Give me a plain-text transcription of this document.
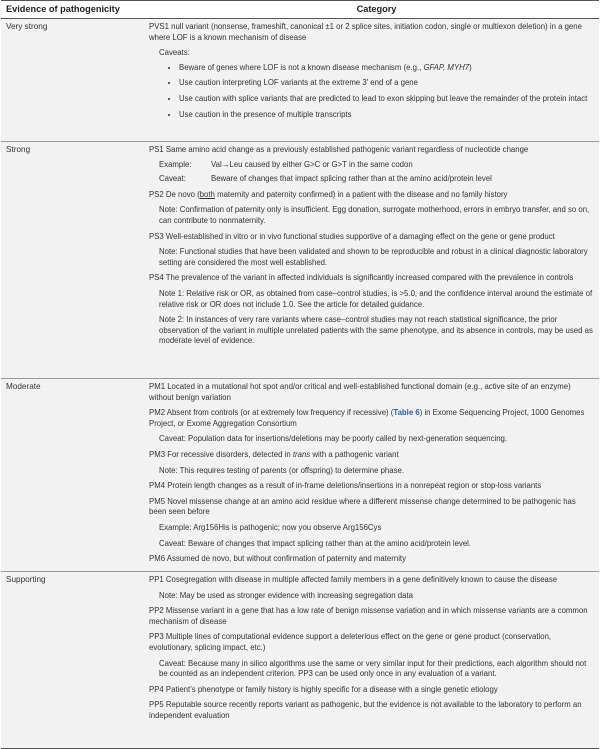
Evidence of pathogenicity	Category
Very strong	PVS1 null variant (nonsense, frameshift, canonical ±1 or 2 splice sites, initiation codon, single or multiexon deletion) in a gene where LOF is a known mechanism of disease
Caveats:
• Beware of genes where LOF is not a known disease mechanism (e.g., GFAP, MYH7)
• Use caution interpreting LOF variants at the extreme 3′ end of a gene
• Use caution with splice variants that are predicted to lead to exon skipping but leave the remainder of the protein intact
• Use caution in the presence of multiple transcripts
Strong	PS1 Same amino acid change as a previously established pathogenic variant regardless of nucleotide change
Example:	Val→Leu caused by either G>C or G>T in the same codon
Caveat:	Beware of changes that impact splicing rather than at the amino acid/protein level
PS2 De novo (both maternity and paternity confirmed) in a patient with the disease and no family history
Note: Confirmation of paternity only is insufficient. Egg donation, surrogate motherhood, errors in embryo transfer, and so on, can contribute to nonmaternity.
PS3 Well-established in vitro or in vivo functional studies supportive of a damaging effect on the gene or gene product
Note: Functional studies that have been validated and shown to be reproducible and robust in a clinical diagnostic laboratory setting are considered the most well established.
PS4 The prevalence of the variant in affected individuals is significantly increased compared with the prevalence in controls
Note 1: Relative risk or OR, as obtained from case–control studies, is >5.0, and the confidence interval around the estimate of relative risk or OR does not include 1.0. See the article for detailed guidance.
Note 2: In instances of very rare variants where case–control studies may not reach statistical significance, the prior observation of the variant in multiple unrelated patients with the same phenotype, and its absence in controls, may be used as moderate level of evidence.
Moderate	PM1 Located in a mutational hot spot and/or critical and well-established functional domain (e.g., active site of an enzyme) without benign variation
PM2 Absent from controls (or at extremely low frequency if recessive) (Table 6) in Exome Sequencing Project, 1000 Genomes Project, or Exome Aggregation Consortium
Caveat: Population data for insertions/deletions may be poorly called by next-generation sequencing.
PM3 For recessive disorders, detected in trans with a pathogenic variant
Note: This requires testing of parents (or offspring) to determine phase.
PM4 Protein length changes as a result of in-frame deletions/insertions in a nonrepeat region or stop-loss variants
PM5 Novel missense change at an amino acid residue where a different missense change determined to be pathogenic has been seen before
Example: Arg156His is pathogenic; now you observe Arg156Cys
Caveat: Beware of changes that impact splicing rather than at the amino acid/protein level.
PM6 Assumed de novo, but without confirmation of paternity and maternity
Supporting	PP1 Cosegregation with disease in multiple affected family members in a gene definitively known to cause the disease
Note: May be used as stronger evidence with increasing segregation data
PP2 Missense variant in a gene that has a low rate of benign missense variation and in which missense variants are a common mechanism of disease
PP3 Multiple lines of computational evidence support a deleterious effect on the gene or gene product (conservation, evolutionary, splicing impact, etc.)
Caveat: Because many in silico algorithms use the same or very similar input for their predictions, each algorithm should not be counted as an independent criterion. PP3 can be used only once in any evaluation of a variant.
PP4 Patient’s phenotype or family history is highly specific for a disease with a single genetic etiology
PP5 Reputable source recently reports variant as pathogenic, but the evidence is not available to the laboratory to perform an independent evaluation
